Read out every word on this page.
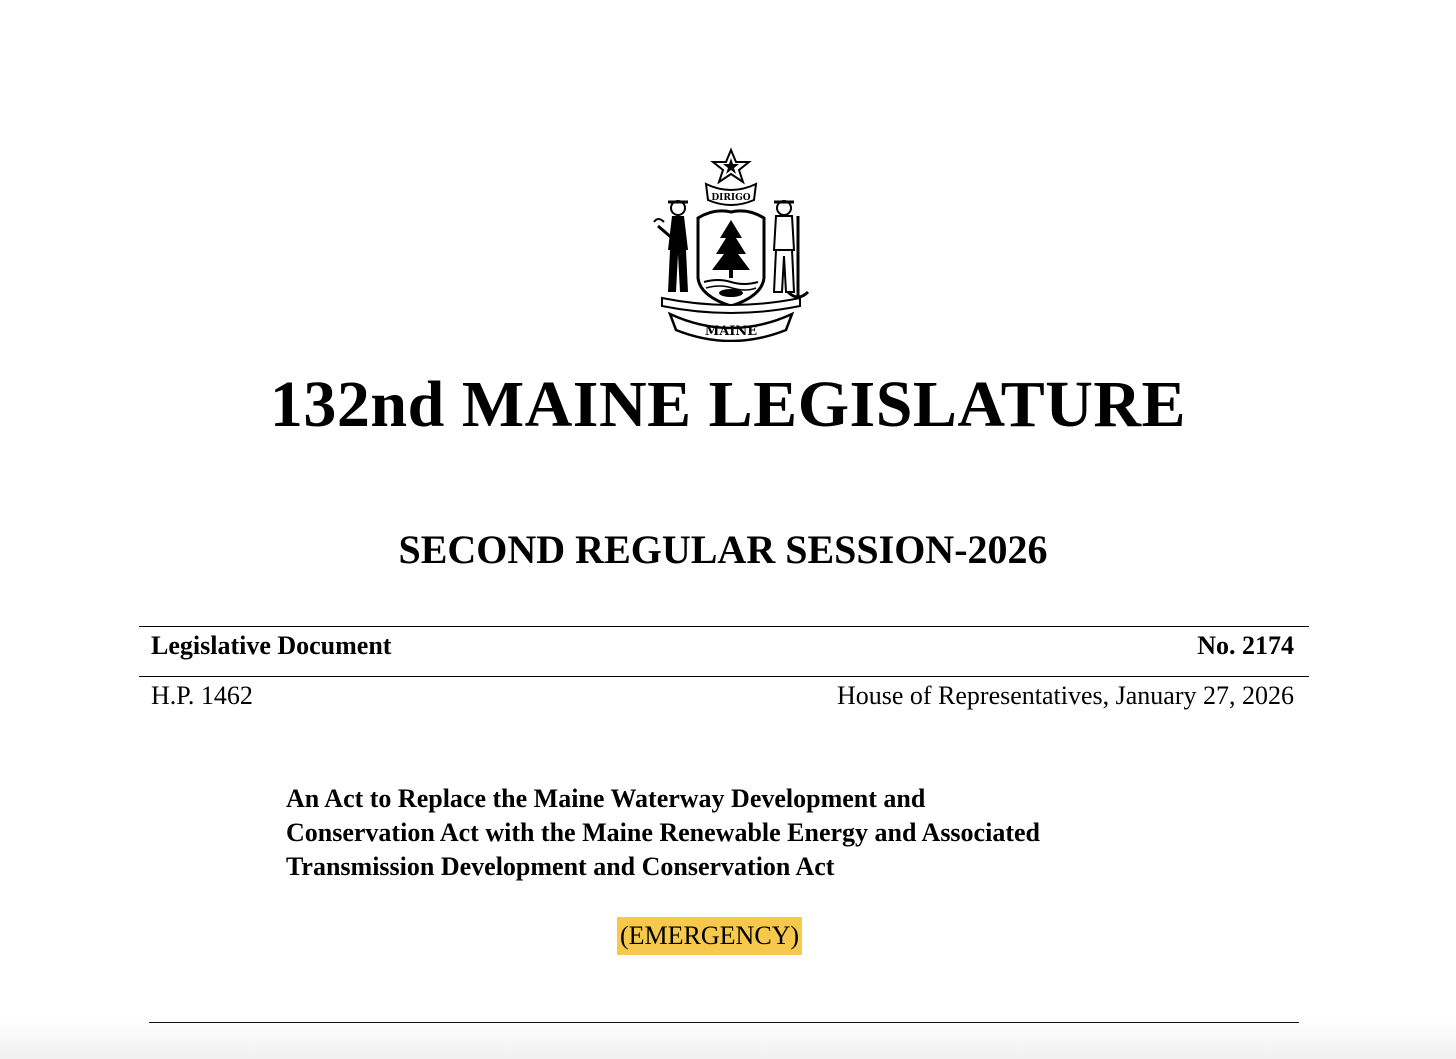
DIRIGO
MAINE
132nd MAINE LEGISLATURE
SECOND REGULAR SESSION-2026
Legislative Document	No. 2174
H.P. 1462	House of Representatives, January 27, 2026
An Act to Replace the Maine Waterway Development and
Conservation Act with the Maine Renewable Energy and Associated
Transmission Development and Conservation Act
(EMERGENCY)
